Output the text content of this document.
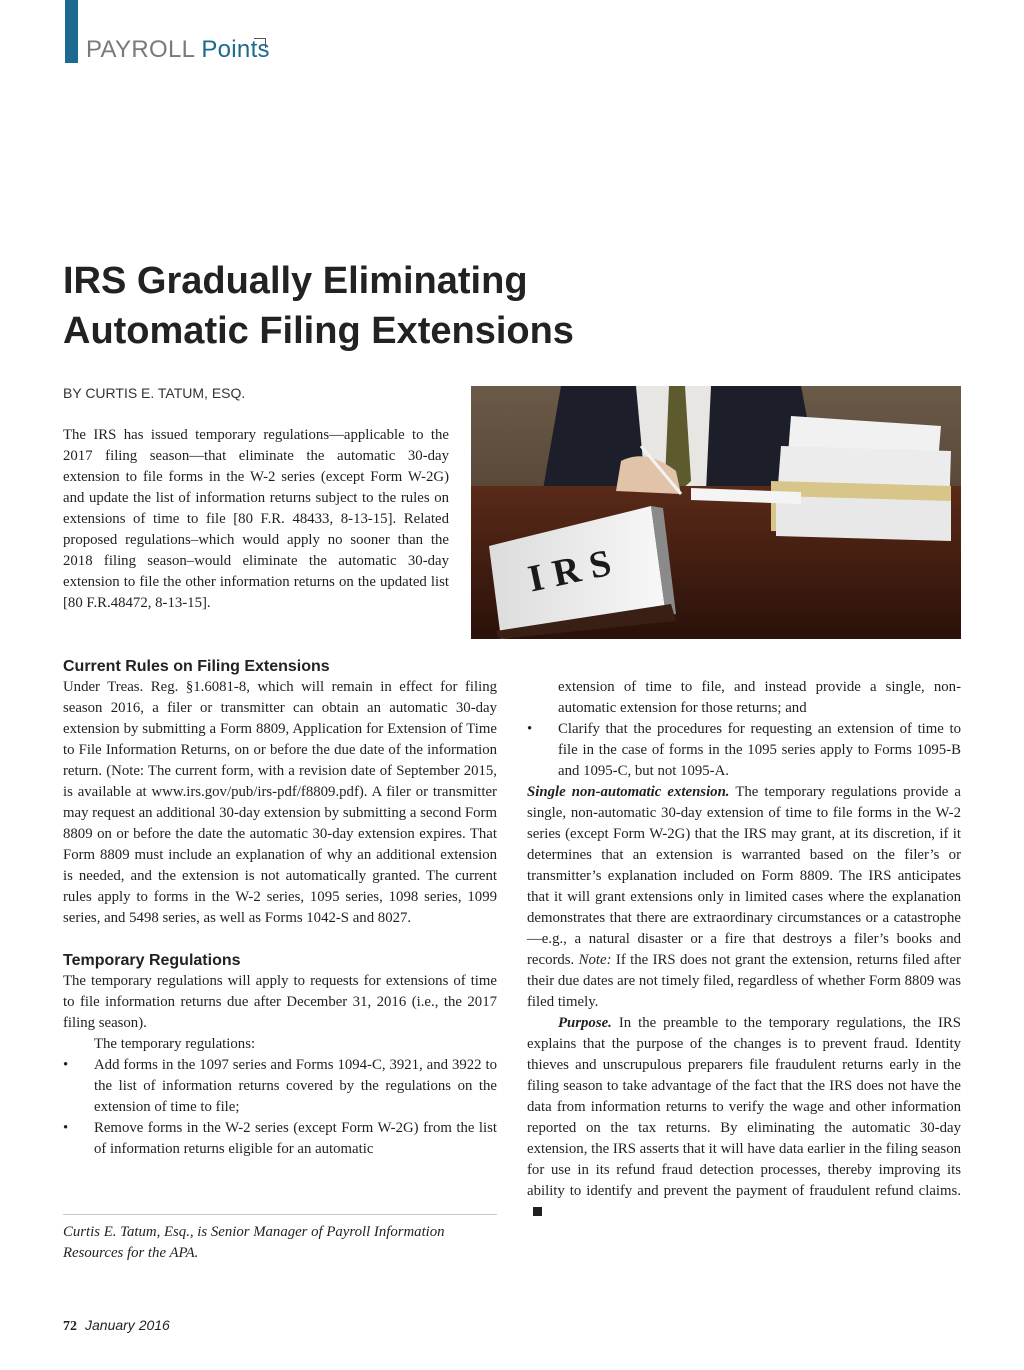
PAYROLL Points
IRS Gradually Eliminating
Automatic Filing Extensions
BY CURTIS E. TATUM, ESQ.

The IRS has issued temporary regulations—applicable to the 2017 filing season—that eliminate the automatic 30-day extension to file forms in the W-2 series (except Form W-2G) and update the list of information returns subject to the rules on extensions of time to file [80 F.R. 48433, 8-13-15]. Related proposed regulations–which would apply no sooner than the 2018 filing season–would eliminate the automatic 30-day extension to file the other information returns on the updated list [80 F.R.48472, 8-13-15].

IRS
Current Rules on Filing Extensions

Under Treas. Reg. §1.6081-8, which will remain in effect for filing season 2016, a filer or transmitter can obtain an automatic 30-day extension by submitting a Form 8809, Application for Extension of Time to File Information Returns, on or before the due date of the information return. (Note: The current form, with a revision date of September 2015, is available at www.irs.gov/pub/irs-pdf/f8809.pdf). A filer or transmitter may request an additional 30-day extension by submitting a second Form 8809 on or before the date the automatic 30-day extension expires. That Form 8809 must include an explanation of why an additional extension is needed, and the extension is not automatically granted. The current rules apply to forms in the W-2 series, 1095 series, 1098 series, 1099 series, and 5498 series, as well as Forms 1042-S and 8027.

Temporary Regulations

The temporary regulations will apply to requests for extensions of time to file information returns due after December 31, 2016 (i.e., the 2017 filing season).

The temporary regulations:

• Add forms in the 1097 series and Forms 1094-C, 3921, and 3922 to the list of information returns covered by the regulations on the extension of time to file;
• Remove forms in the W-2 series (except Form W-2G) from the list of information returns eligible for an automatic

Curtis E. Tatum, Esq., is Senior Manager of Payroll Information Resources for the APA.

extension of time to file, and instead provide a single, non-automatic extension for those returns; and
• Clarify that the procedures for requesting an extension of time to file in the case of forms in the 1095 series apply to Forms 1095-B and 1095-C, but not 1095-A.

Single non-automatic extension. The temporary regulations provide a single, non-automatic 30-day extension of time to file forms in the W-2 series (except Form W-2G) that the IRS may grant, at its discretion, if it determines that an extension is warranted based on the filer’s or transmitter’s explanation included on Form 8809. The IRS anticipates that it will grant extensions only in limited cases where the explanation demonstrates that there are extraordinary circumstances or a catastrophe—e.g., a natural disaster or a fire that destroys a filer’s books and records. Note: If the IRS does not grant the extension, returns filed after their due dates are not timely filed, regardless of whether Form 8809 was filed timely.

Purpose. In the preamble to the temporary regulations, the IRS explains that the purpose of the changes is to prevent fraud. Identity thieves and unscrupulous preparers file fraudulent returns early in the filing season to take advantage of the fact that the IRS does not have the data from information returns to verify the wage and other information reported on the tax returns. By eliminating the automatic 30-day extension, the IRS asserts that it will have data earlier in the filing season for use in its refund fraud detection processes, thereby improving its ability to identify and prevent the payment of fraudulent refund claims.

72 January 2016
